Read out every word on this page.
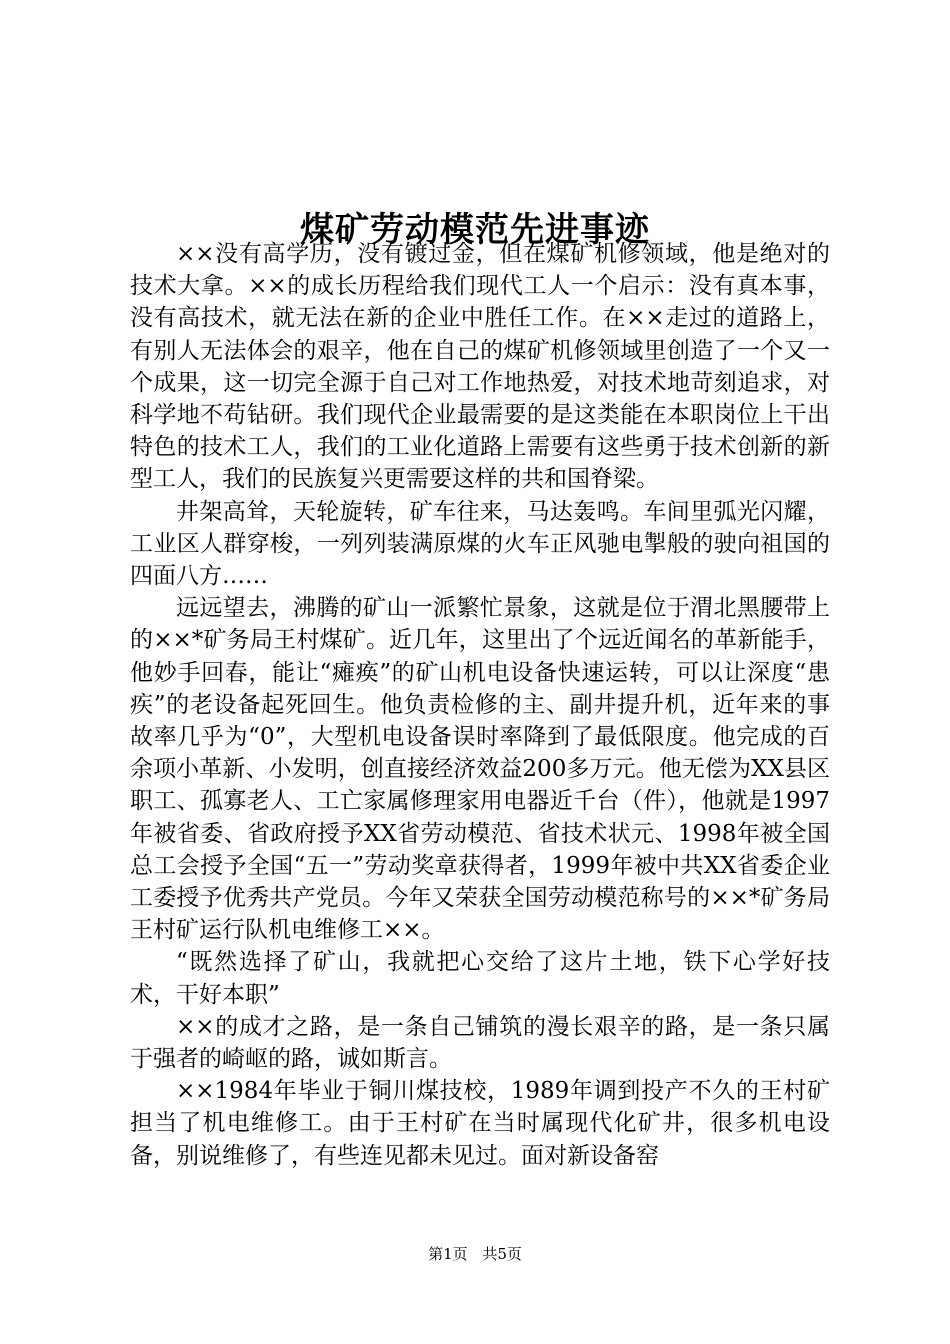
煤矿劳动模范先进事迹

××没有高学历，没有镀过金，但在煤矿机修领域，他是绝对的技术大拿。××的成长历程给我们现代工人一个启示：没有真本事，没有高技术，就无法在新的企业中胜任工作。在××走过的道路上，有别人无法体会的艰辛，他在自己的煤矿机修领域里创造了一个又一个成果，这一切完全源于自己对工作地热爱，对技术地苛刻追求，对科学地不苟钻研。我们现代企业最需要的是这类能在本职岗位上干出特色的技术工人，我们的工业化道路上需要有这些勇于技术创新的新型工人，我们的民族复兴更需要这样的共和国脊梁。

井架高耸，天轮旋转，矿车往来，马达轰鸣。车间里弧光闪耀，工业区人群穿梭，一列列装满原煤的火车正风驰电掣般的驶向祖国的四面八方……

远远望去，沸腾的矿山一派繁忙景象，这就是位于渭北黑腰带上的××*矿务局王村煤矿。近几年，这里出了个远近闻名的革新能手，他妙手回春，能让“瘫痪”的矿山机电设备快速运转，可以让深度“患疾”的老设备起死回生。他负责检修的主、副井提升机，近年来的事故率几乎为“0”，大型机电设备误时率降到了最低限度。他完成的百余项小革新、小发明，创直接经济效益200多万元。他无偿为XX县区职工、孤寡老人、工亡家属修理家用电器近千台（件），他就是1997年被省委、省政府授予XX省劳动模范、省技术状元、1998年被全国总工会授予全国“五一”劳动奖章获得者，1999年被中共XX省委企业工委授予优秀共产党员。今年又荣获全国劳动模范称号的××*矿务局王村矿运行队机电维修工××。

“既然选择了矿山，我就把心交给了这片土地，铁下心学好技术，干好本职”

××的成才之路，是一条自己铺筑的漫长艰辛的路，是一条只属于强者的崎岖的路，诚如斯言。

××1984年毕业于铜川煤技校，1989年调到投产不久的王村矿担当了机电维修工。由于王村矿在当时属现代化矿井，很多机电设备，别说维修了，有些连见都未见过。面对新设备窑

第1页 共5页
